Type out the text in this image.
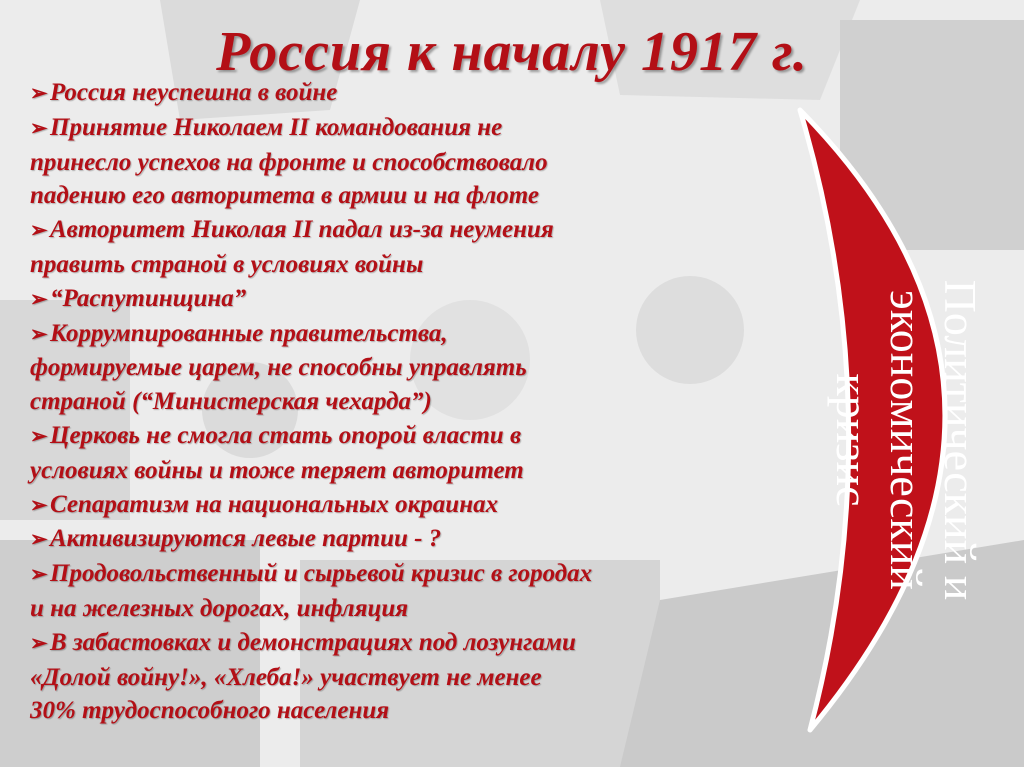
Россия к началу 1917 г.
➢Россия неуспешна в войне
➢Принятие Николаем II командования не
принесло успехов на фронте и способствовало
падению его авторитета в армии и на флоте
➢Авторитет Николая II падал из-за неумения
править страной в условиях войны
➢“Распутинщина”
➢Коррумпированные правительства,
формируемые царем, не способны управлять
страной (“Министерская чехарда”)
➢Церковь не смогла стать опорой власти в
условиях войны и тоже теряет авторитет
➢Сепаратизм на национальных окраинах
➢Активизируются левые партии - ?
➢Продовольственный и сырьевой кризис в городах
и на железных дорогах, инфляция
➢В забастовках и демонстрациях под лозунгами
«Долой войну!», «Хлеба!» участвует не менее
30% трудоспособного населения
Политический и
экономический
кризис
